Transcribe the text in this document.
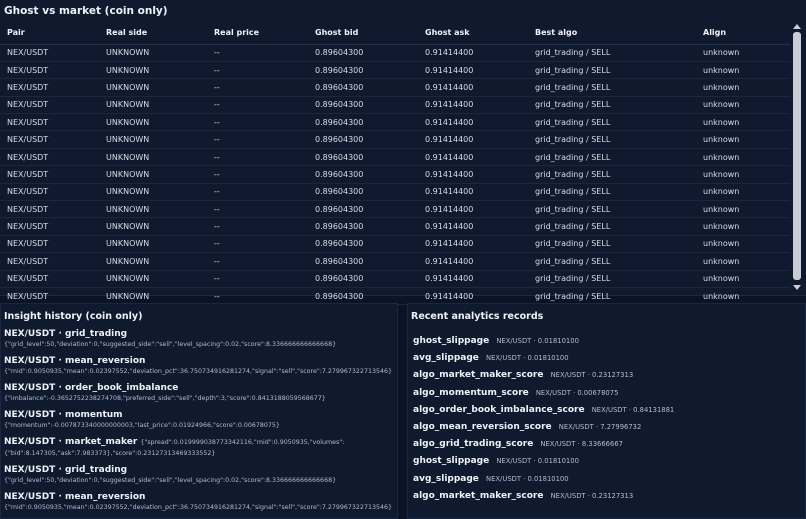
Ghost vs market (coin only)
Pair	Real side	Real price	Ghost bid	Ghost ask	Best algo	Align
NEX/USDT	UNKNOWN	--	0.89604300	0.91414400	grid_trading / SELL	unknown
NEX/USDT	UNKNOWN	--	0.89604300	0.91414400	grid_trading / SELL	unknown
NEX/USDT	UNKNOWN	--	0.89604300	0.91414400	grid_trading / SELL	unknown
NEX/USDT	UNKNOWN	--	0.89604300	0.91414400	grid_trading / SELL	unknown
NEX/USDT	UNKNOWN	--	0.89604300	0.91414400	grid_trading / SELL	unknown
NEX/USDT	UNKNOWN	--	0.89604300	0.91414400	grid_trading / SELL	unknown
NEX/USDT	UNKNOWN	--	0.89604300	0.91414400	grid_trading / SELL	unknown
NEX/USDT	UNKNOWN	--	0.89604300	0.91414400	grid_trading / SELL	unknown
NEX/USDT	UNKNOWN	--	0.89604300	0.91414400	grid_trading / SELL	unknown
NEX/USDT	UNKNOWN	--	0.89604300	0.91414400	grid_trading / SELL	unknown
NEX/USDT	UNKNOWN	--	0.89604300	0.91414400	grid_trading / SELL	unknown
NEX/USDT	UNKNOWN	--	0.89604300	0.91414400	grid_trading / SELL	unknown
NEX/USDT	UNKNOWN	--	0.89604300	0.91414400	grid_trading / SELL	unknown
NEX/USDT	UNKNOWN	--	0.89604300	0.91414400	grid_trading / SELL	unknown
NEX/USDT	UNKNOWN	--	0.89604300	0.91414400	grid_trading / SELL	unknown
Insight history (coin only)
NEX/USDT · grid_trading
{"grid_level":50,"deviation":0,"suggested_side":"sell","level_spacing":0.02,"score":8.336666666666668}
NEX/USDT · mean_reversion
{"mid":0.9050935,"mean":0.02397552,"deviation_pct":36.750734916281274,"signal":"sell","score":7.279967322713546}
NEX/USDT · order_book_imbalance
{"imbalance":-0.3652752238274708,"preferred_side":"sell","depth":3,"score":0.8413188059568677}
NEX/USDT · momentum
{"momentum":-0.007873340000000003,"last_price":0.01924966,"score":0.00678075}
NEX/USDT · market_maker {"spread":0.019999038773342116,"mid":0.9050935,"volumes":
{"bid":8.147305,"ask":7.983373},"score":0.23127313469333552}
NEX/USDT · grid_trading
{"grid_level":50,"deviation":0,"suggested_side":"sell","level_spacing":0.02,"score":8.336666666666668}
NEX/USDT · mean_reversion
{"mid":0.9050935,"mean":0.02397552,"deviation_pct":36.750734916281274,"signal":"sell","score":7.279967322713546}
Recent analytics records
ghost_slippage NEX/USDT · 0.01810100
avg_slippage NEX/USDT · 0.01810100
algo_market_maker_score NEX/USDT · 0.23127313
algo_momentum_score NEX/USDT · 0.00678075
algo_order_book_imbalance_score NEX/USDT · 0.84131881
algo_mean_reversion_score NEX/USDT · 7.27996732
algo_grid_trading_score NEX/USDT · 8.33666667
ghost_slippage NEX/USDT · 0.01810100
avg_slippage NEX/USDT · 0.01810100
algo_market_maker_score NEX/USDT · 0.23127313
